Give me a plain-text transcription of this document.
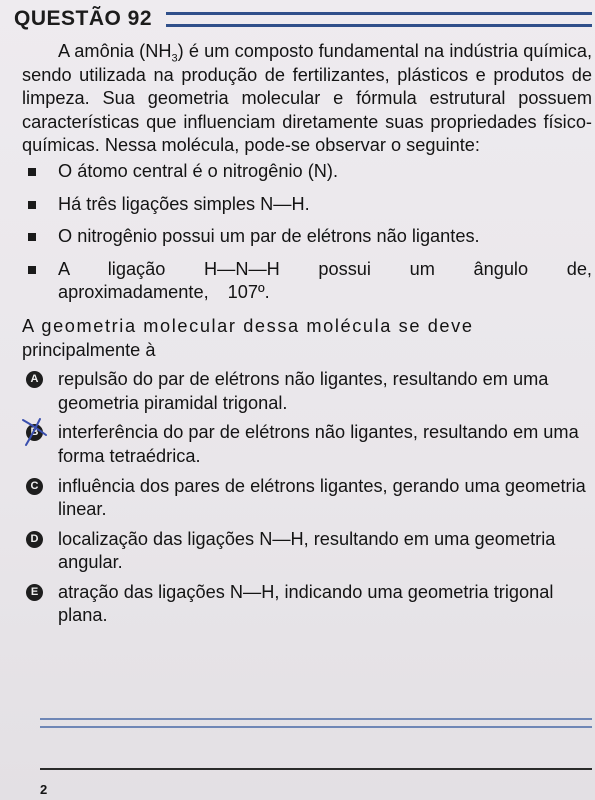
QUESTÃO 92

A amônia $(NH_3)$ é um composto fundamental na indústria química, sendo utilizada na produção de fertilizantes, plásticos e produtos de limpeza. Sua geometria molecular e fórmula estrutural possuem características que influenciam diretamente suas propriedades físico-químicas. Nessa molécula, pode-se observar o seguinte:

O átomo central é o nitrogênio (N).
Há três ligações simples N—H.
O nitrogênio possui um par de elétrons não ligantes.
A ligação H—N—H possui um ângulo de, aproximadamente, 107º.
A geometria molecular dessa molécula se deve
principalmente à
A repulsão do par de elétrons não ligantes, resultando em uma geometria piramidal trigonal.
B interferência do par de elétrons não ligantes, resultando em uma forma tetraédrica.
C influência dos pares de elétrons ligantes, gerando uma geometria linear.
D localização das ligações N—H, resultando em uma geometria angular.
E atração das ligações N—H, indicando uma geometria trigonal plana.
2
